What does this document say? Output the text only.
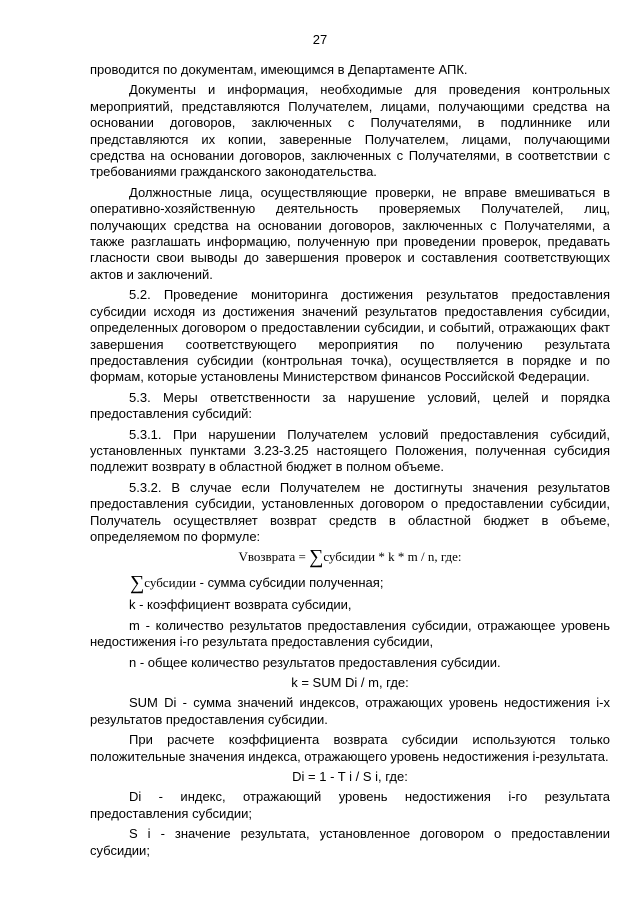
27

проводится по документам, имеющимся в Департаменте АПК.

Документы и информация, необходимые для проведения контрольных мероприятий, представляются Получателем, лицами, получающими средства на основании договоров, заключенных с Получателями, в подлиннике или представляются их копии, заверенные Получателем, лицами, получающими средства на основании договоров, заключенных с Получателями, в соответствии с требованиями гражданского законодательства.

Должностные лица, осуществляющие проверки, не вправе вмешиваться в оперативно-хозяйственную деятельность проверяемых Получателей, лиц, получающих средства на основании договоров, заключенных с Получателями, а также разглашать информацию, полученную при проведении проверок, предавать гласности свои выводы до завершения проверок и составления соответствующих актов и заключений.

5.2. Проведение мониторинга достижения результатов предоставления субсидии исходя из достижения значений результатов предоставления субсидии, определенных договором о предоставлении субсидии, и событий, отражающих факт завершения соответствующего мероприятия по получению результата предоставления субсидии (контрольная точка), осуществляется в порядке и по формам, которые установлены Министерством финансов Российской Федерации.

5.3. Меры ответственности за нарушение условий, целей и порядка предоставления субсидий:

5.3.1. При нарушении Получателем условий предоставления субсидий, установленных пунктами 3.23-3.25 настоящего Положения, полученная субсидия подлежит возврату в областной бюджет в полном объеме.

5.3.2. В случае если Получателем не достигнуты значения результатов предоставления субсидии, установленных договором о предоставлении субсидии, Получатель осуществляет возврат средств в областной бюджет в объеме, определяемом по формуле:

Vвозврата = ∑субсидии * k * m / n, где:
∑субсидии - сумма субсидии полученная;

k - коэффициент возврата субсидии,

m - количество результатов предоставления субсидии, отражающее уровень недостижения i-го результата предоставления субсидии,

n - общее количество результатов предоставления субсидии.

k = SUM Di / m, где:

SUM Di - сумма значений индексов, отражающих уровень недостижения i-х результатов предоставления субсидии.

При расчете коэффициента возврата субсидии используются только положительные значения индекса, отражающего уровень недостижения i-результата.

Di = 1 - T i / S i, где:

Di - индекс, отражающий уровень недостижения i-го результата предоставления субсидии;

S i - значение результата, установленное договором о предоставлении субсидии;
